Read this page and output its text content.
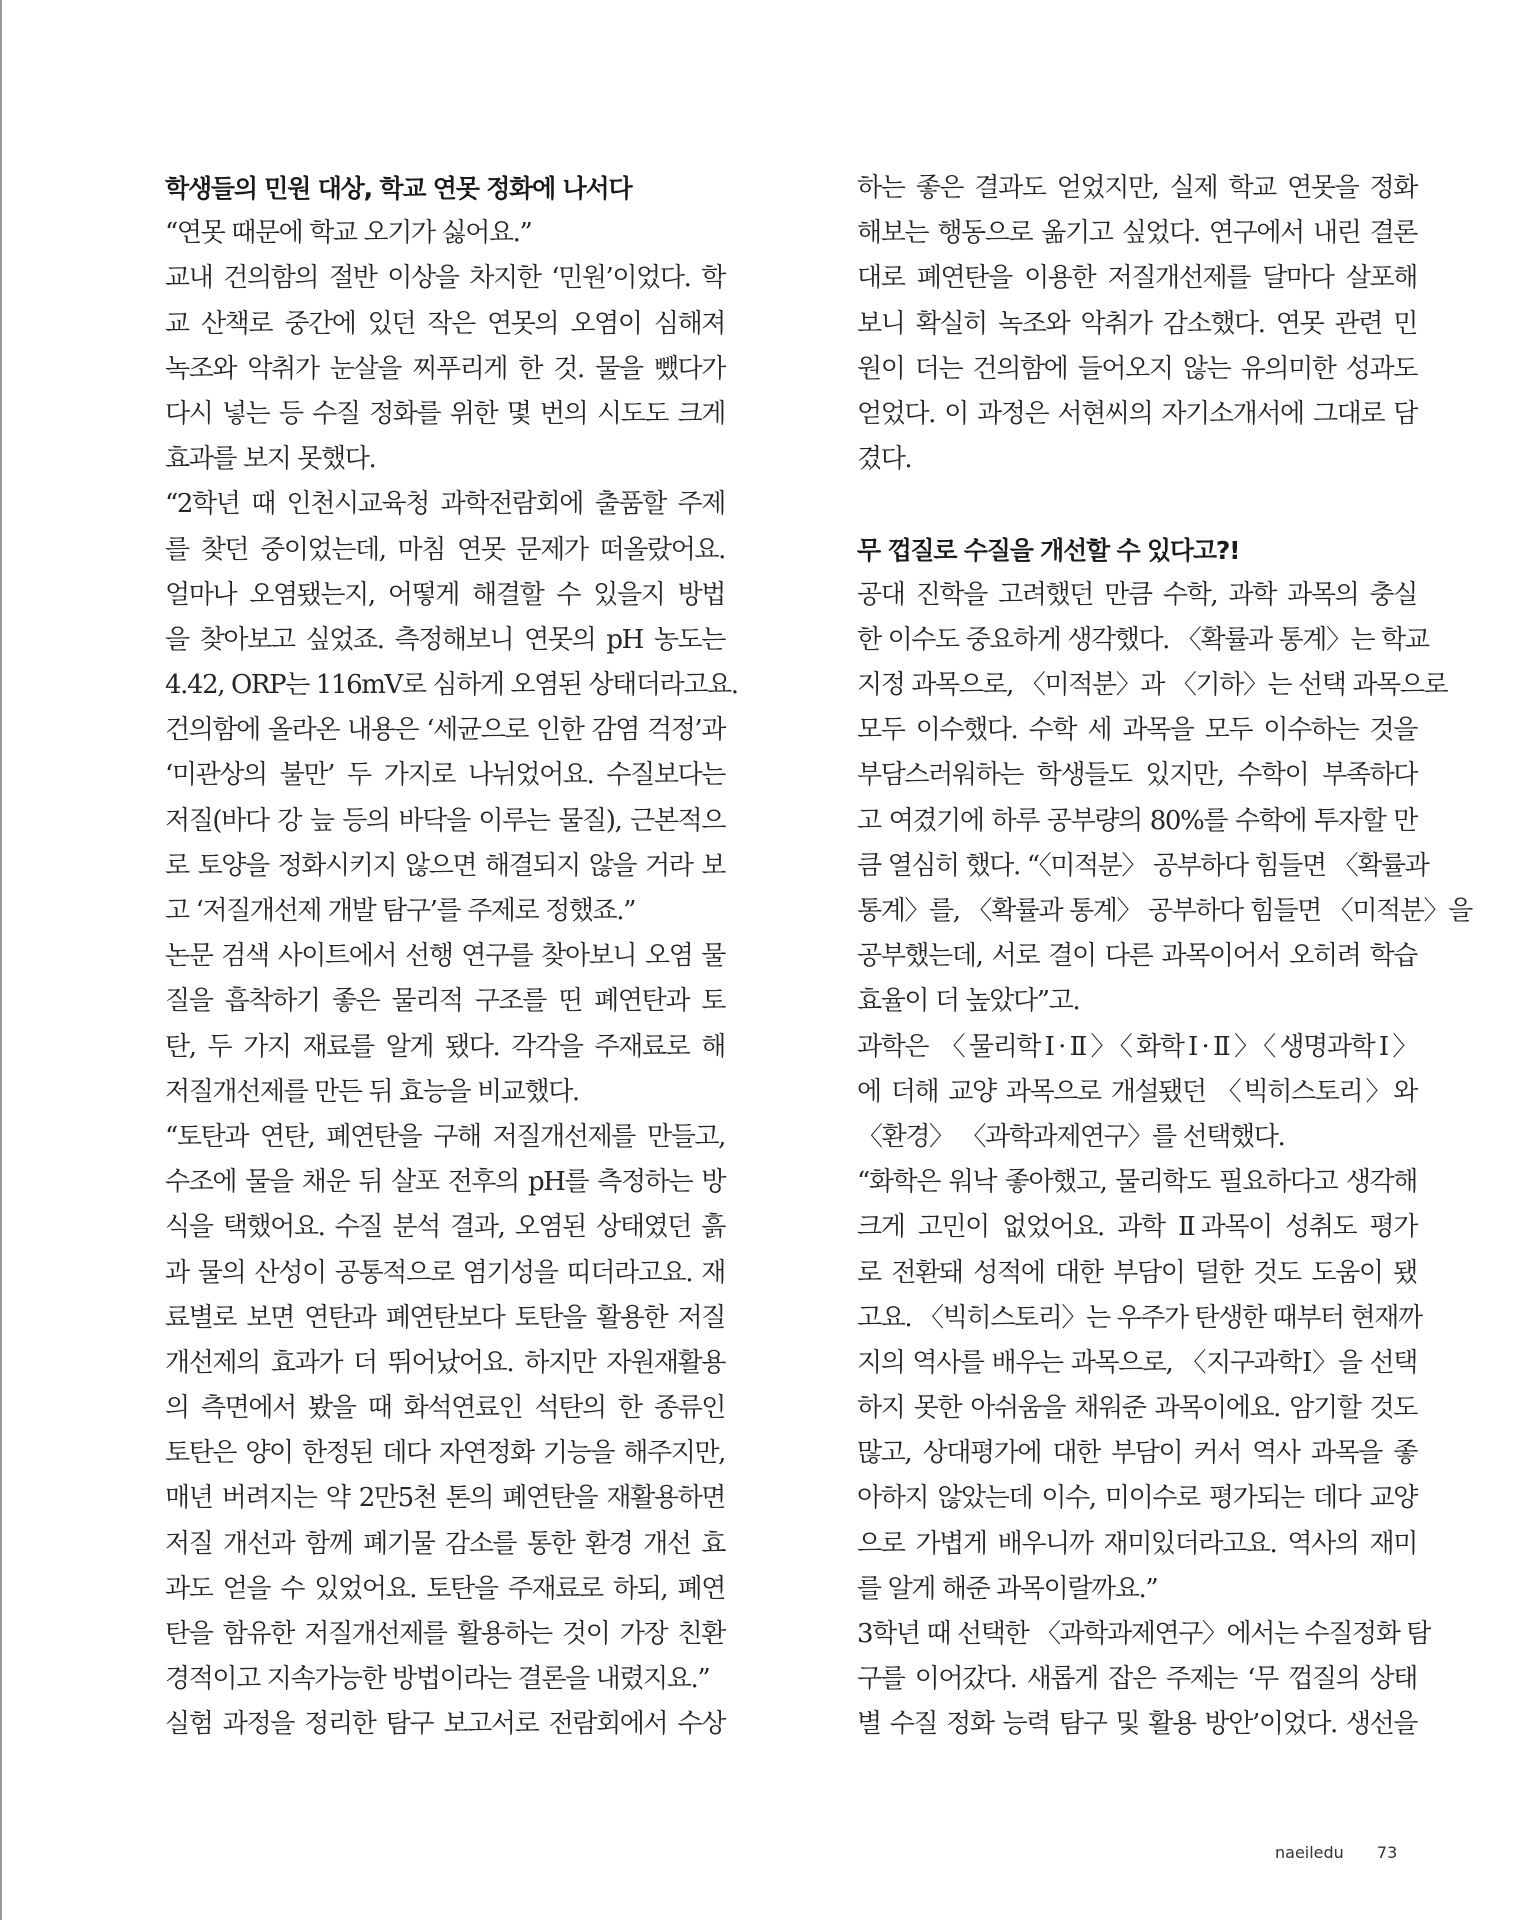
학생들의 민원 대상, 학교 연못 정화에 나서다
“연못 때문에 학교 오기가 싫어요.”
교내 건의함의 절반 이상을 차지한 ‘민원’이었다. 학
교 산책로 중간에 있던 작은 연못의 오염이 심해져
녹조와 악취가 눈살을 찌푸리게 한 것. 물을 뺐다가
다시 넣는 등 수질 정화를 위한 몇 번의 시도도 크게
효과를 보지 못했다.
“2학년 때 인천시교육청 과학전람회에 출품할 주제
를 찾던 중이었는데, 마침 연못 문제가 떠올랐어요.
얼마나 오염됐는지, 어떻게 해결할 수 있을지 방법
을 찾아보고 싶었죠. 측정해보니 연못의 pH 농도는
4.42, ORP는 116mV로 심하게 오염된 상태더라고요.
건의함에 올라온 내용은 ‘세균으로 인한 감염 걱정’과
‘미관상의 불만’ 두 가지로 나뉘었어요. 수질보다는
저질(바다 강 늪 등의 바닥을 이루는 물질), 근본적으
로 토양을 정화시키지 않으면 해결되지 않을 거라 보
고 ‘저질개선제 개발 탐구’를 주제로 정했죠.”
논문 검색 사이트에서 선행 연구를 찾아보니 오염 물
질을 흡착하기 좋은 물리적 구조를 띤 폐연탄과 토
탄, 두 가지 재료를 알게 됐다. 각각을 주재료로 해
저질개선제를 만든 뒤 효능을 비교했다.
“토탄과 연탄, 폐연탄을 구해 저질개선제를 만들고,
수조에 물을 채운 뒤 살포 전후의 pH를 측정하는 방
식을 택했어요. 수질 분석 결과, 오염된 상태였던 흙
과 물의 산성이 공통적으로 염기성을 띠더라고요. 재
료별로 보면 연탄과 폐연탄보다 토탄을 활용한 저질
개선제의 효과가 더 뛰어났어요. 하지만 자원재활용
의 측면에서 봤을 때 화석연료인 석탄의 한 종류인
토탄은 양이 한정된 데다 자연정화 기능을 해주지만,
매년 버려지는 약 2만5천 톤의 폐연탄을 재활용하면
저질 개선과 함께 폐기물 감소를 통한 환경 개선 효
과도 얻을 수 있었어요. 토탄을 주재료로 하되, 폐연
탄을 함유한 저질개선제를 활용하는 것이 가장 친환
경적이고 지속가능한 방법이라는 결론을 내렸지요.”
실험 과정을 정리한 탐구 보고서로 전람회에서 수상
하는 좋은 결과도 얻었지만, 실제 학교 연못을 정화
해보는 행동으로 옮기고 싶었다. 연구에서 내린 결론
대로 폐연탄을 이용한 저질개선제를 달마다 살포해
보니 확실히 녹조와 악취가 감소했다. 연못 관련 민
원이 더는 건의함에 들어오지 않는 유의미한 성과도
얻었다. 이 과정은 서현씨의 자기소개서에 그대로 담
겼다.
무 껍질로 수질을 개선할 수 있다고?!
공대 진학을 고려했던 만큼 수학, 과학 과목의 충실
한 이수도 중요하게 생각했다. 〈확률과 통계〉는 학교
지정 과목으로, 〈미적분〉과 〈기하〉는 선택 과목으로
모두 이수했다. 수학 세 과목을 모두 이수하는 것을
부담스러워하는 학생들도 있지만, 수학이 부족하다
고 여겼기에 하루 공부량의 80%를 수학에 투자할 만
큼 열심히 했다. “〈미적분〉 공부하다 힘들면 〈확률과
통계〉를, 〈확률과 통계〉 공부하다 힘들면 〈미적분〉을
공부했는데, 서로 결이 다른 과목이어서 오히려 학습
효율이 더 높았다”고.
과학은 〈물리학Ⅰ·Ⅱ〉〈화학Ⅰ·Ⅱ〉〈생명과학Ⅰ〉
에 더해 교양 과목으로 개설됐던 〈빅히스토리〉와
〈환경〉 〈과학과제연구〉를 선택했다.
“화학은 워낙 좋아했고, 물리학도 필요하다고 생각해
크게 고민이 없었어요. 과학 Ⅱ과목이 성취도 평가
로 전환돼 성적에 대한 부담이 덜한 것도 도움이 됐
고요. 〈빅히스토리〉는 우주가 탄생한 때부터 현재까
지의 역사를 배우는 과목으로, 〈지구과학Ⅰ〉을 선택
하지 못한 아쉬움을 채워준 과목이에요. 암기할 것도
많고, 상대평가에 대한 부담이 커서 역사 과목을 좋
아하지 않았는데 이수, 미이수로 평가되는 데다 교양
으로 가볍게 배우니까 재미있더라고요. 역사의 재미
를 알게 해준 과목이랄까요.”
3학년 때 선택한 〈과학과제연구〉에서는 수질정화 탐
구를 이어갔다. 새롭게 잡은 주제는 ‘무 껍질의 상태
별 수질 정화 능력 탐구 및 활용 방안’이었다. 생선을
naeiledu 73
